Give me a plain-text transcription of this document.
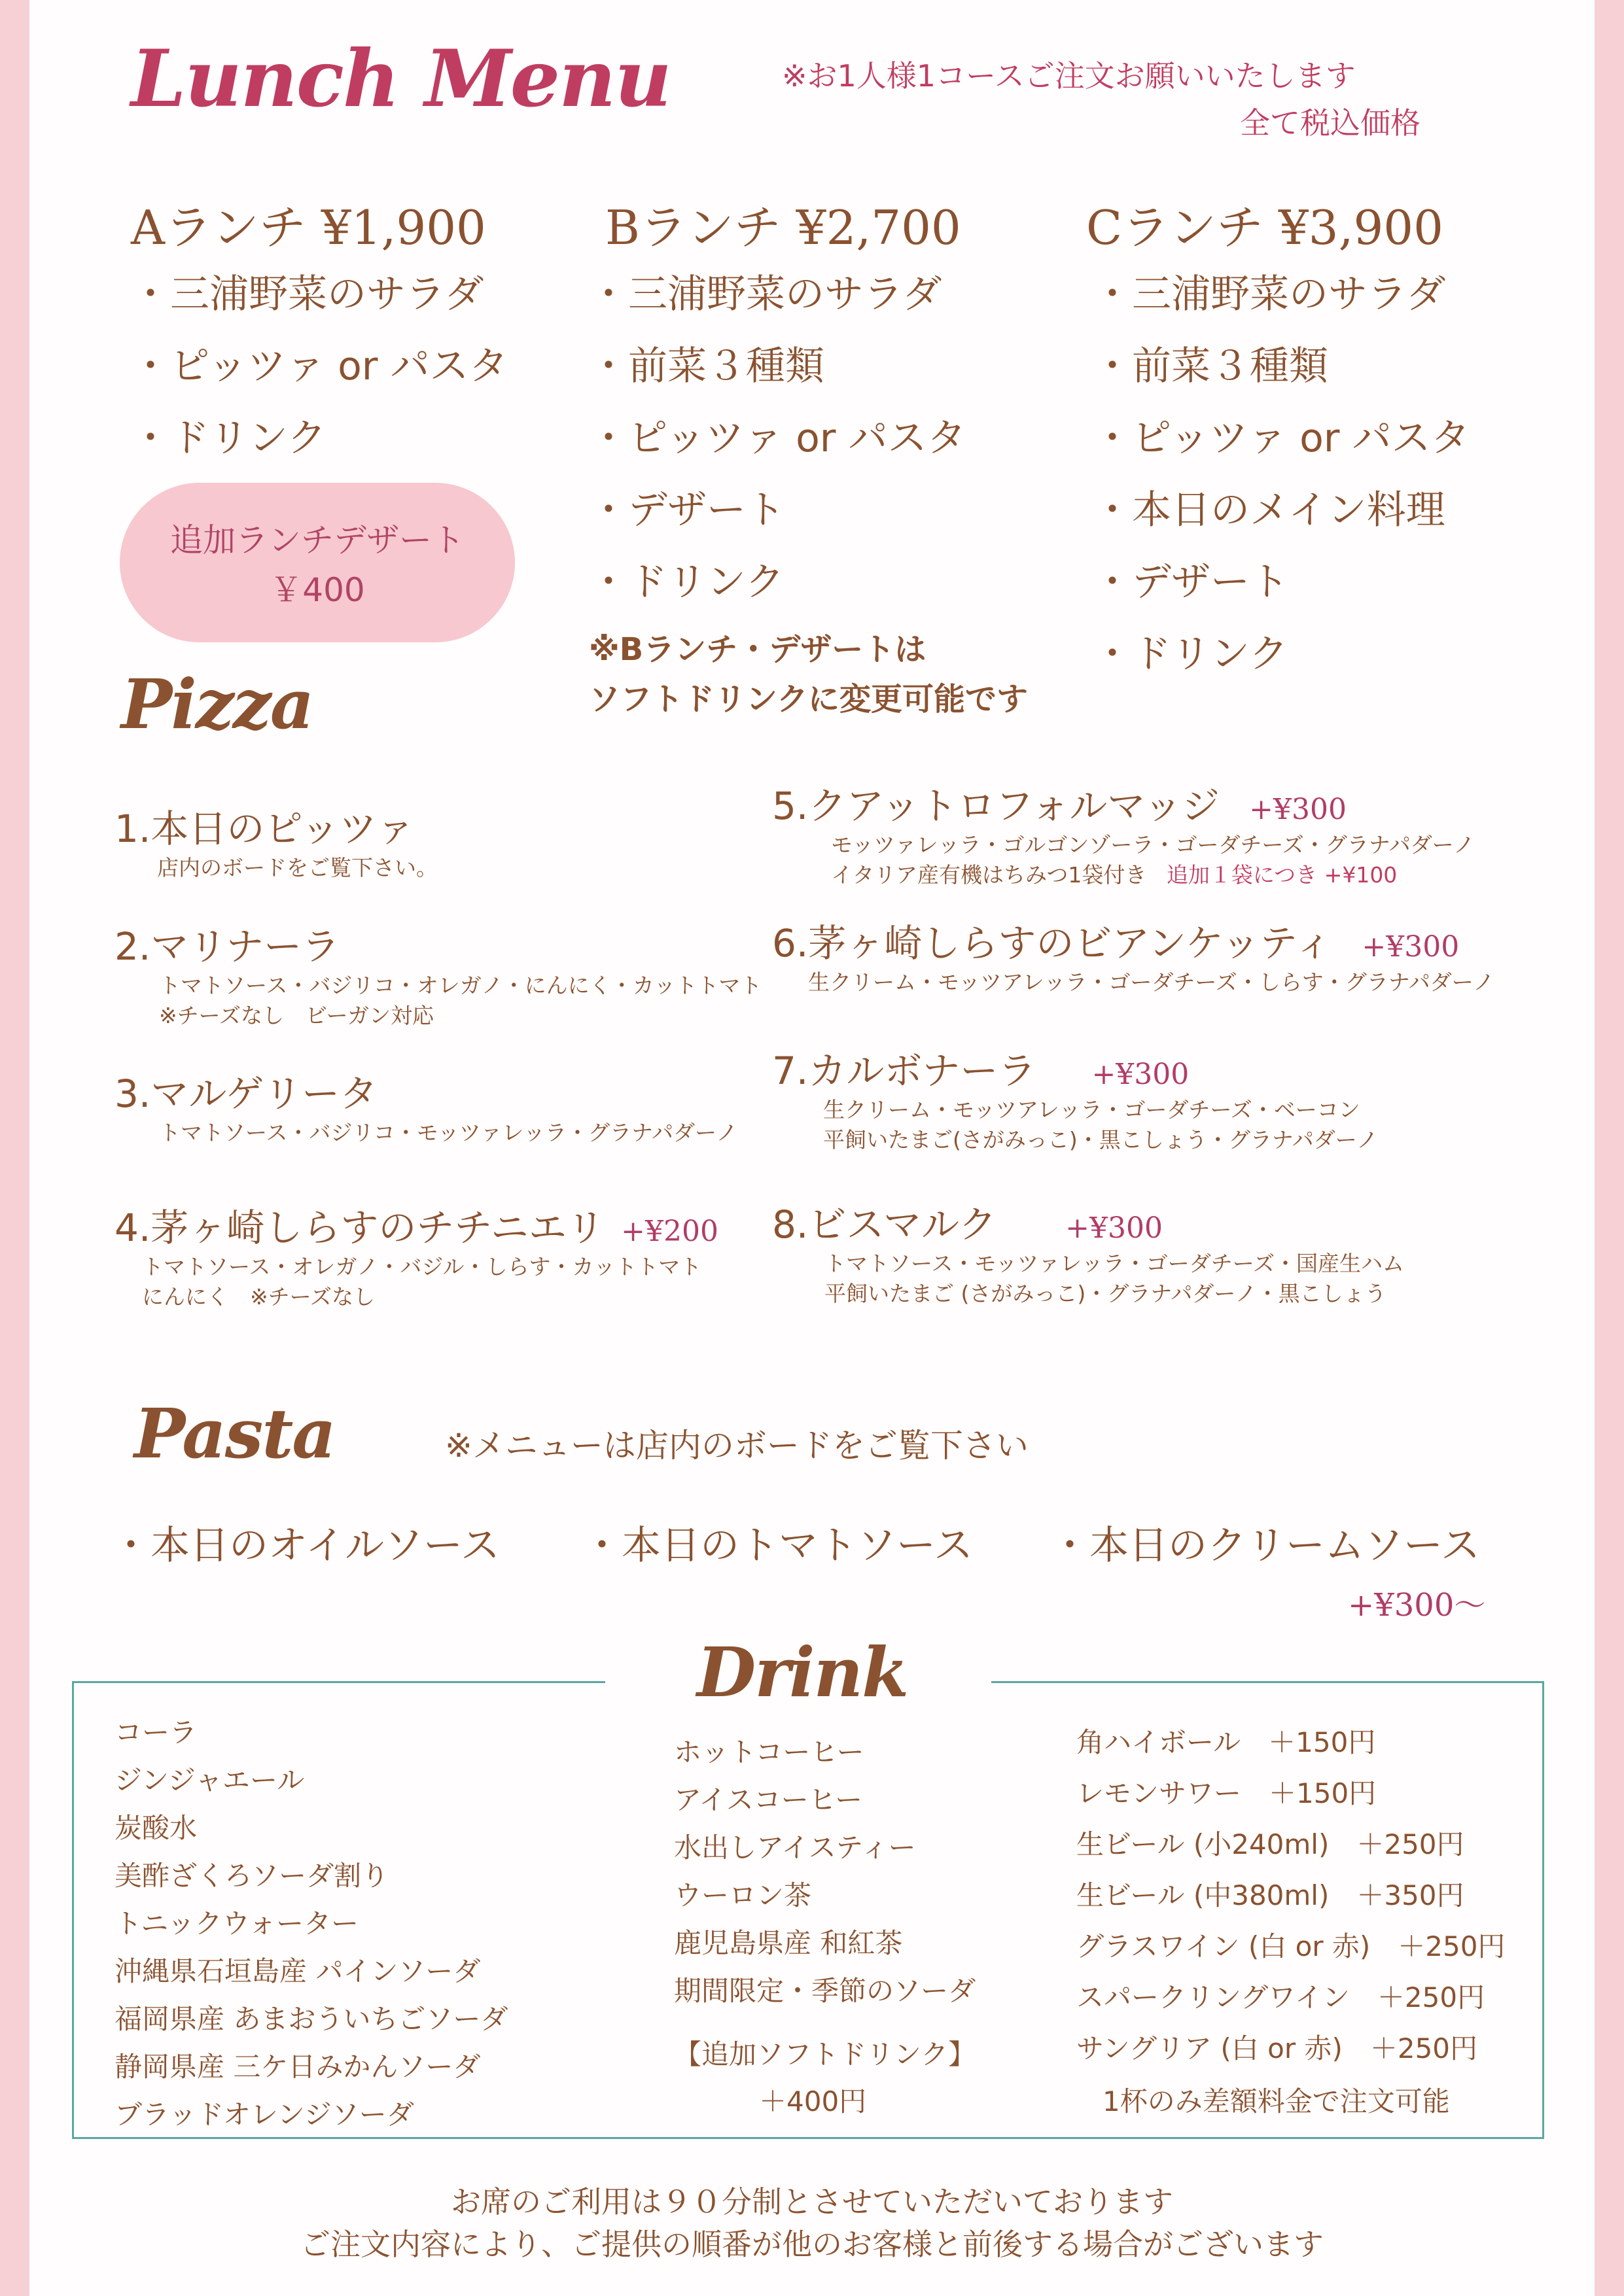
Lunch Menu	※お1人様1コースご注文お願いいたします
全て税込価格
Aランチ ¥1,900
・三浦野菜のサラダ
・ピッツァ or パスタ
・ドリンク
Bランチ ¥2,700
・三浦野菜のサラダ
・前菜３種類
・ピッツァ or パスタ
・デザート
・ドリンク
Cランチ ¥3,900
・三浦野菜のサラダ
・前菜３種類
・ピッツァ or パスタ
・本日のメイン料理
・デザート
・ドリンク
追加ランチデザート
￥400
※Bランチ・デザートは
ソフトドリンクに変更可能です
Pizza
1.本日のピッツァ
店内のボードをご覧下さい。
2.マリナーラ
トマトソース・バジリコ・オレガノ・にんにく・カットトマト
※チーズなし　ビーガン対応
3.マルゲリータ
トマトソース・バジリコ・モッツァレッラ・グラナパダーノ
4.茅ヶ崎しらすのチチニエリ +¥200
トマトソース・オレガノ・バジル・しらす・カットトマト
にんにく　※チーズなし
5.クアットロフォルマッジ +¥300
モッツァレッラ・ゴルゴンゾーラ・ゴーダチーズ・グラナパダーノ
イタリア産有機はちみつ1袋付き 追加１袋につき +¥100
6.茅ヶ崎しらすのビアンケッティ +¥300
生クリーム・モッツアレッラ・ゴーダチーズ・しらす・グラナパダーノ
7.カルボナーラ +¥300
生クリーム・モッツアレッラ・ゴーダチーズ・ベーコン
平飼いたまご(さがみっこ)・黒こしょう・グラナパダーノ
8.ビスマルク +¥300
トマトソース・モッツァレッラ・ゴーダチーズ・国産生ハム
平飼いたまご (さがみっこ)・グラナパダーノ・黒こしょう
Pasta	※メニューは店内のボードをご覧下さい
・本日のオイルソース ・本日のトマトソース ・本日のクリームソース
+¥300〜
Drink
コーラ
ジンジャエール
炭酸水
美酢ざくろソーダ割り
トニックウォーター
沖縄県石垣島産 パインソーダ
福岡県産 あまおういちごソーダ
静岡県産 三ケ日みかんソーダ
ブラッドオレンジソーダ
ホットコーヒー
アイスコーヒー
水出しアイスティー
ウーロン茶
鹿児島県産 和紅茶
期間限定・季節のソーダ
【追加ソフトドリンク】
＋400円
角ハイボール　＋150円
レモンサワー　＋150円
生ビール (小240ml)　＋250円
生ビール (中380ml)　＋350円
グラスワイン (白 or 赤)　＋250円
スパークリングワイン　＋250円
サングリア (白 or 赤)　＋250円
1杯のみ差額料金で注文可能
お席のご利用は９０分制とさせていただいております
ご注文内容により、ご提供の順番が他のお客様と前後する場合がございます
